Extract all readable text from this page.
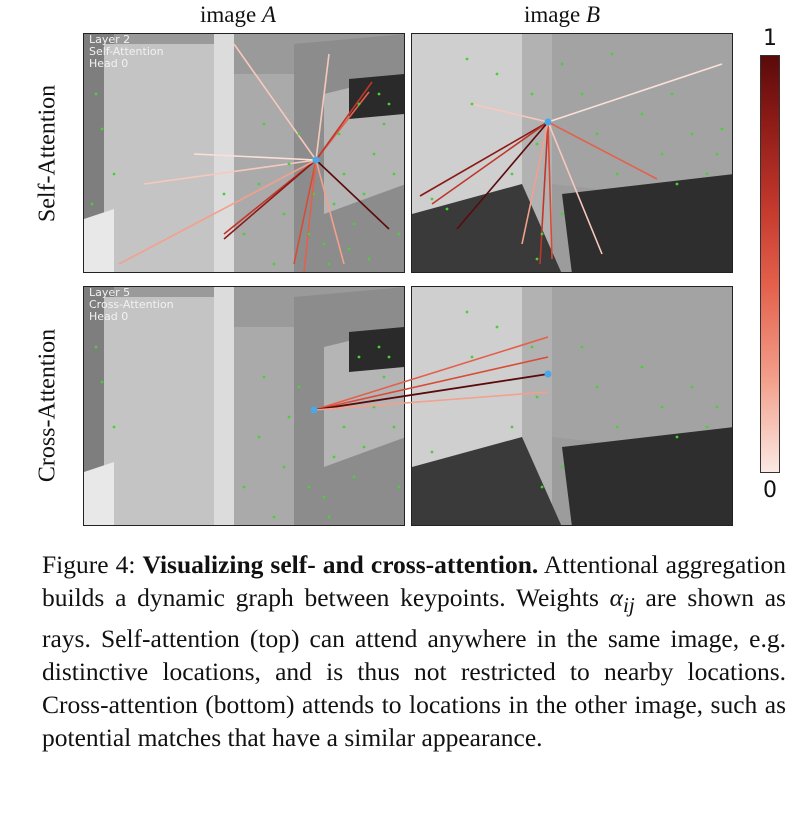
image A	image B
Self-Attention
Cross-Attention
Layer 2
Self-Attention
Head 0
Layer 5
Cross-Attention
Head 0
1
0
Figure 4: Visualizing self- and cross-attention. Attentional aggregation builds a dynamic graph between keypoints. Weights $\alpha_{ij}$ are shown as rays. Self-attention (top) can attend anywhere in the same image, e.g. distinctive locations, and is thus not restricted to nearby locations. Cross-attention (bottom) attends to locations in the other image, such as potential matches that have a similar appearance.
